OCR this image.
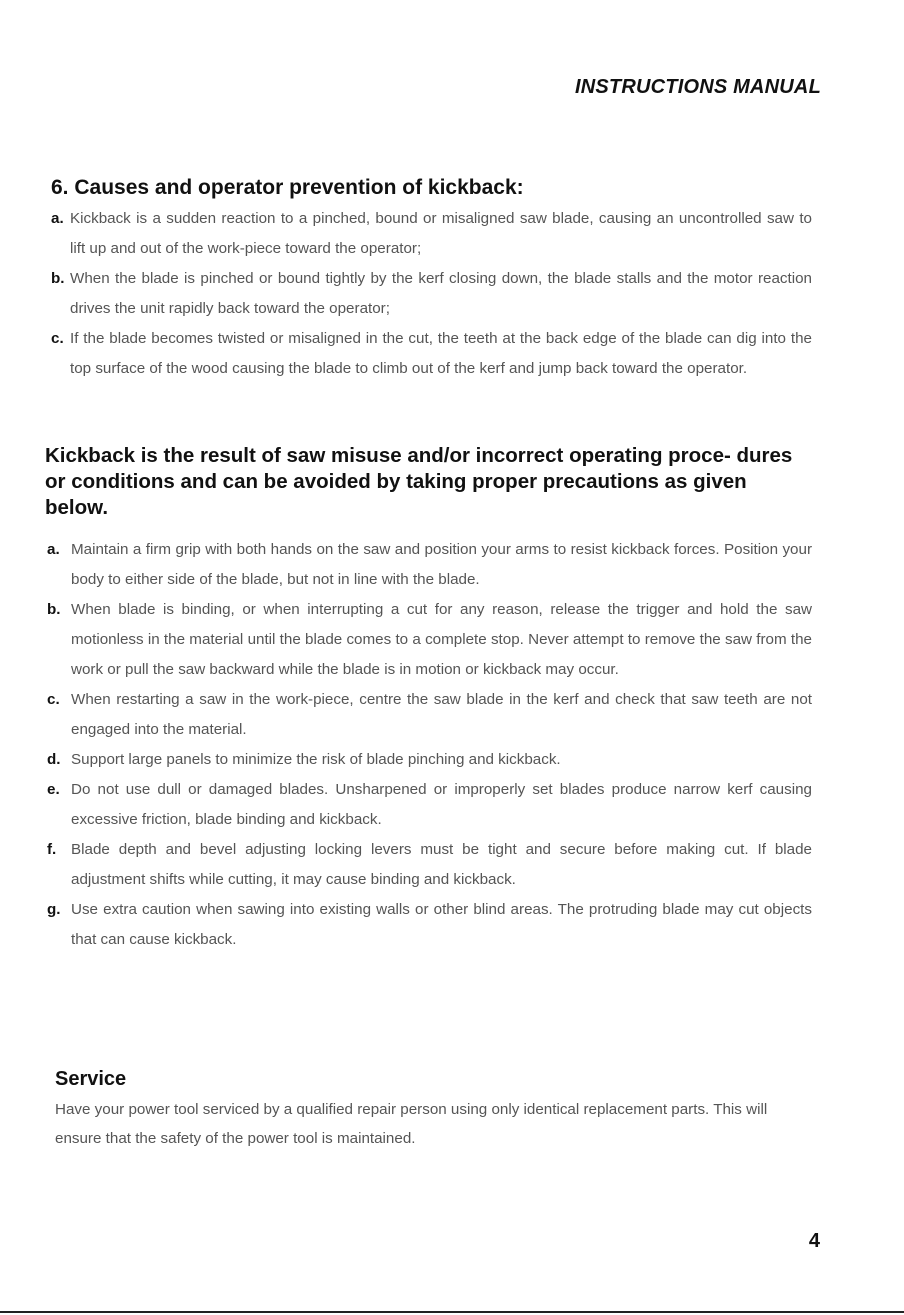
INSTRUCTIONS MANUAL
6. Causes and operator prevention of kickback:
a. Kickback is a sudden reaction to a pinched, bound or misaligned saw blade, causing an uncontrolled saw to lift up and out of the work-piece toward the operator;
b. When the blade is pinched or bound tightly by the kerf closing down, the blade stalls and the motor reaction drives the unit rapidly back toward the operator;
c. If the blade becomes twisted or misaligned in the cut, the teeth at the back edge of the blade can dig into the top surface of the wood causing the blade to climb out of the kerf and jump back toward the operator.

Kickback is the result of saw misuse and/or incorrect operating proce- dures or conditions and can be avoided by taking proper precautions as given below.

a. Maintain a firm grip with both hands on the saw and position your arms to resist kickback forces. Position your body to either side of the blade, but not in line with the blade.
b. When blade is binding, or when interrupting a cut for any reason, release the trigger and hold the saw motionless in the material until the blade comes to a complete stop. Never attempt to remove the saw from the work or pull the saw backward while the blade is in motion or kickback may occur.
c. When restarting a saw in the work-piece, centre the saw blade in the kerf and check that saw teeth are not engaged into the material.
d. Support large panels to minimize the risk of blade pinching and kickback.
e. Do not use dull or damaged blades. Unsharpened or improperly set blades produce narrow kerf causing excessive friction, blade binding and kickback.
f. Blade depth and bevel adjusting locking levers must be tight and secure before making cut. If blade adjustment shifts while cutting, it may cause binding and kickback.
g. Use extra caution when sawing into existing walls or other blind areas. The protruding blade may cut objects that can cause kickback.
Service

Have your power tool serviced by a qualified repair person using only identical replacement parts. This will ensure that the safety of the power tool is maintained.

4
